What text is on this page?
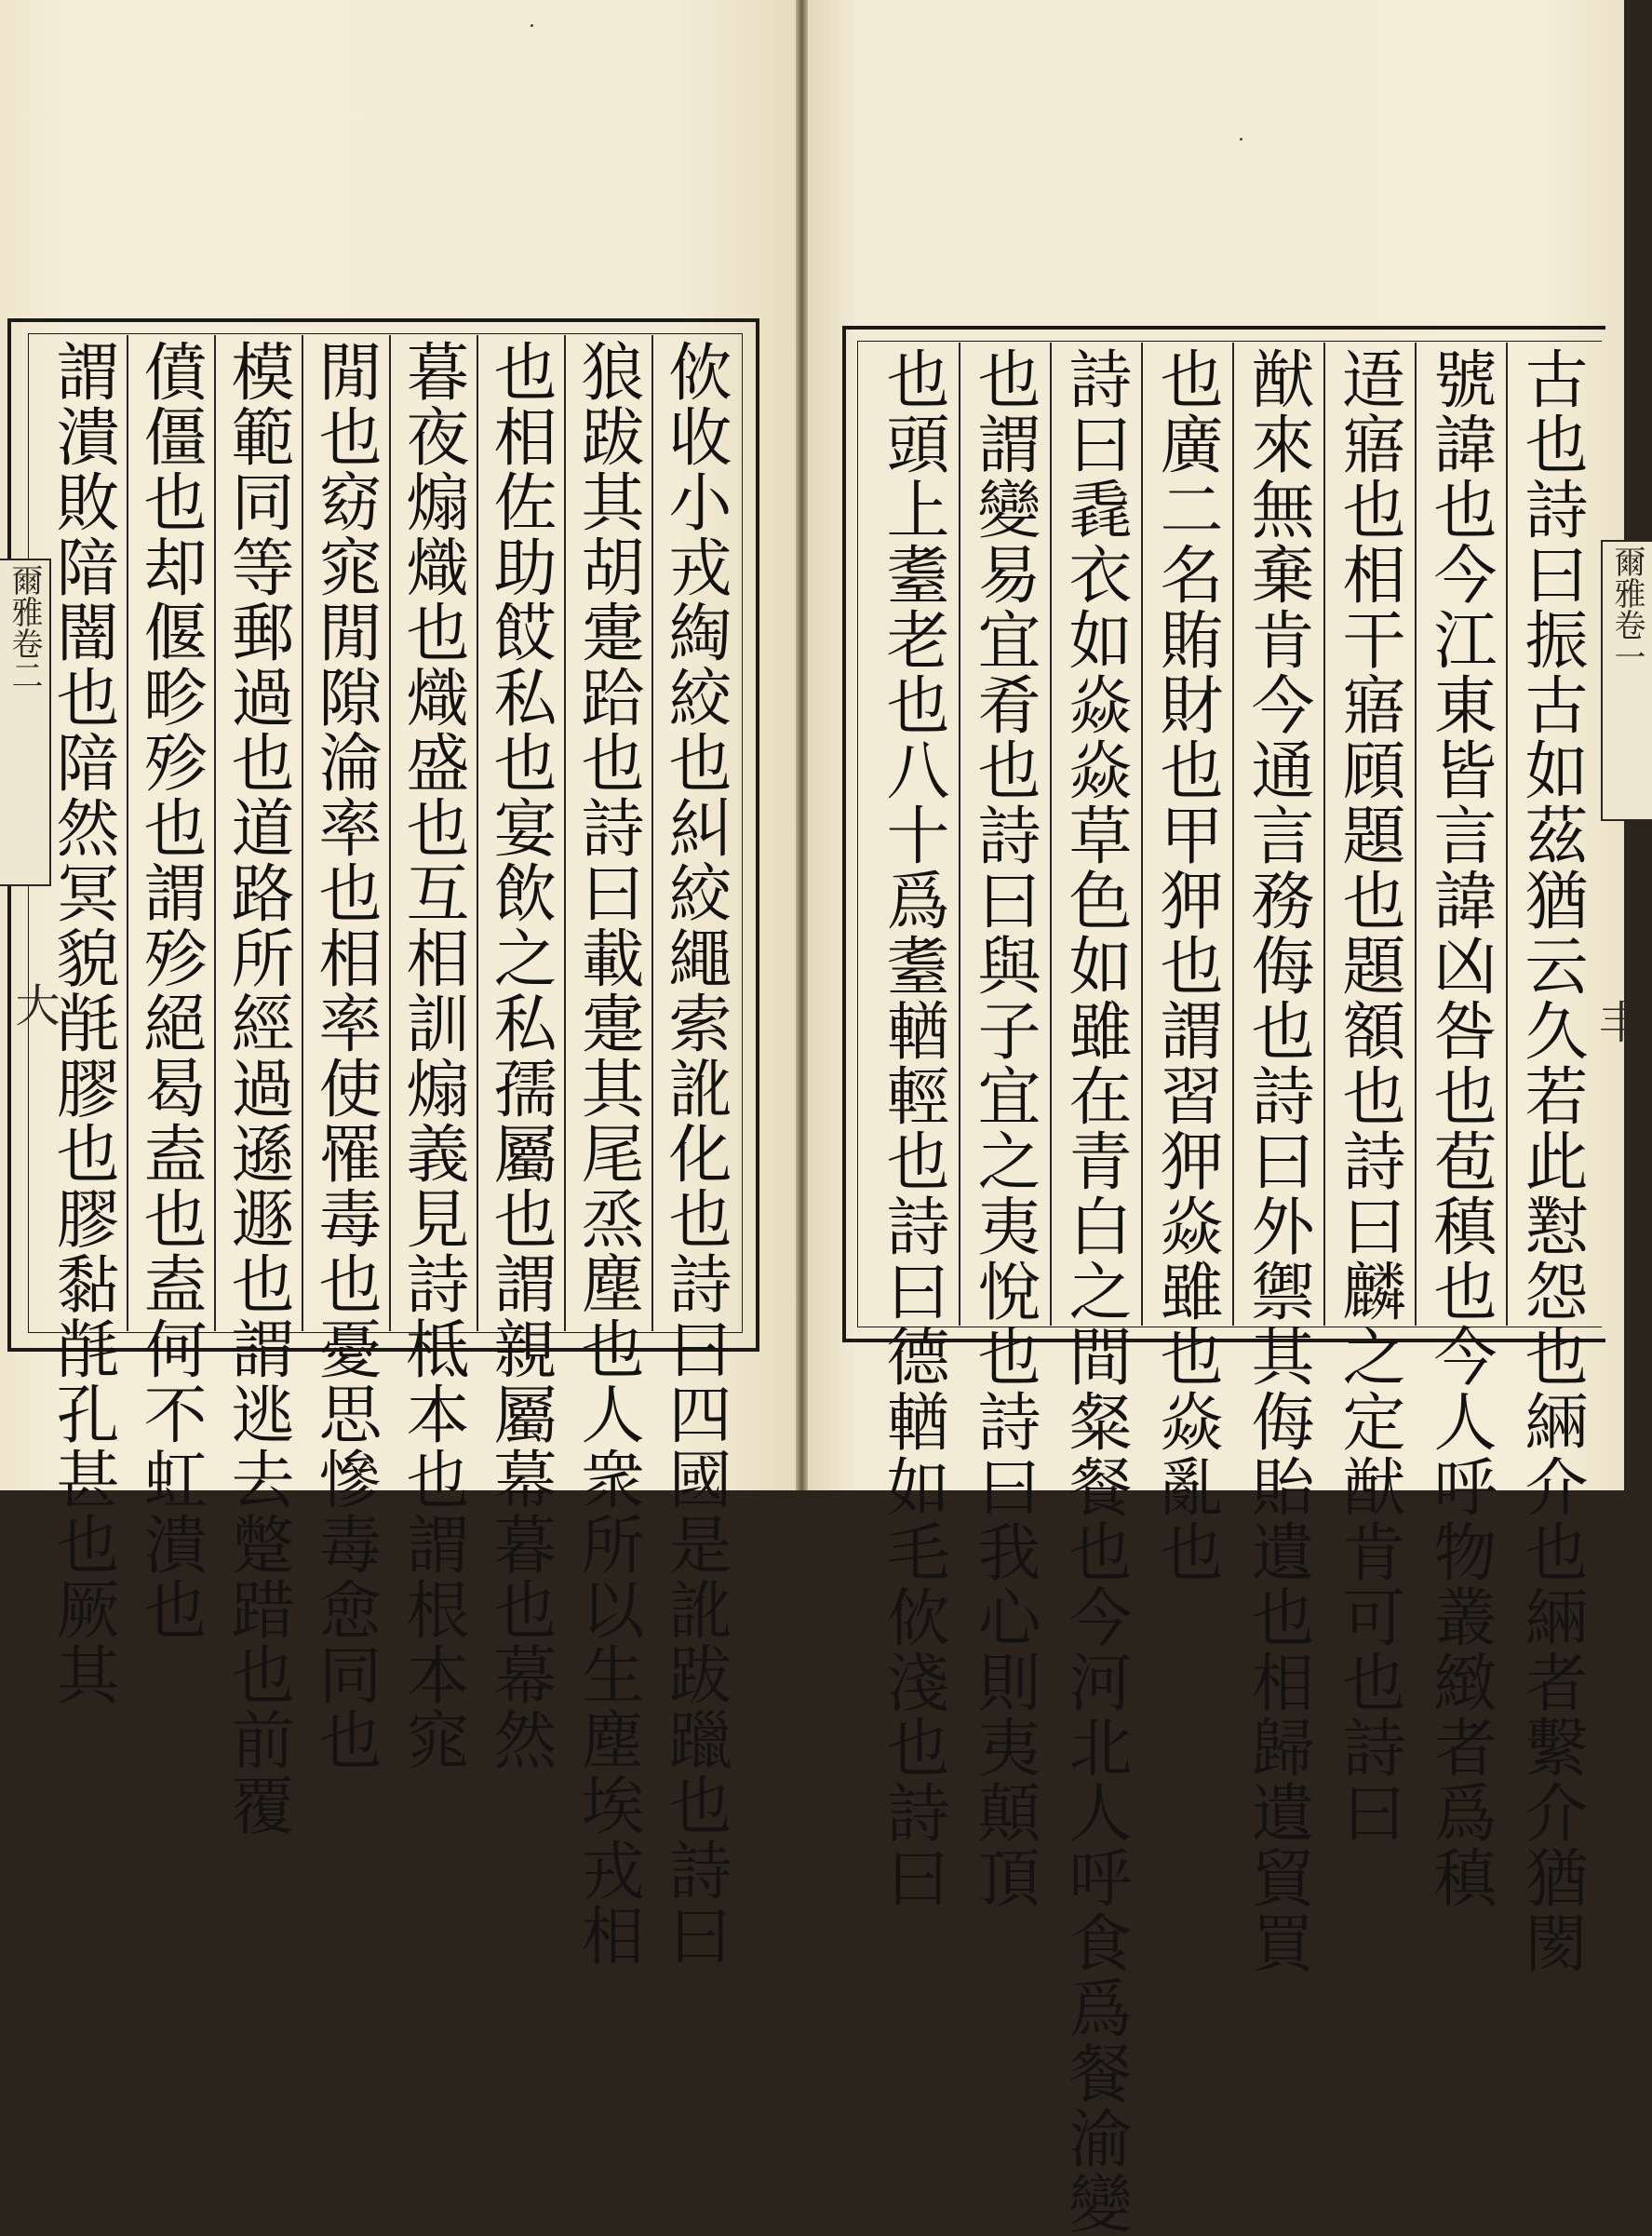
爾雅卷二	爾雅卷一
大	丰
古也詩曰振古如茲猶云久若此懟怨也緉介也緉者繫介猶閡
號諱也今江東皆言諱凶咎也苞稹也今人呼物叢緻者爲稹
逜寤也相干寤頋題也題額也詩曰麟之定猷肯可也詩曰
猷來無棄肯今通言務侮也詩曰外禦其侮貽遺也相歸遺貿買
也廣二名賄財也甲狎也謂習狎焱雖也焱亂也
詩曰毳衣如焱焱草色如雖在青白之間粲餐也今河北人呼食爲餐渝變
也謂變易宜肴也詩曰與子宜之夷悅也詩曰我心則夷顛頂
也頭上耋老也八十爲耋輶輕也詩曰德輶如毛佽淺也詩曰
佽收小戎綯絞也糾絞繩索訛化也詩曰四國是訛跋躐也詩曰
狼跋其胡疐跲也詩曰載疐其尾烝塵也人衆所以生塵埃戎相
也相佐助餀私也宴飲之私孺屬也謂親屬幕暮也幕然
暮夜煽熾也熾盛也互相訓煽義見詩柢本也謂根本窕
閒也窈窕閒隙淪率也相率使罹毒也憂思慘毒㥐同也
模範同等郵過也道路所經過遜遯也謂逃去蹩踖也前覆
僨僵也却偃畛殄也謂殄絕曷盍也盍何不虹潰也
謂潰敗隌闇也隌然冥貌㲖膠也膠黏㲖孔甚也厥其
